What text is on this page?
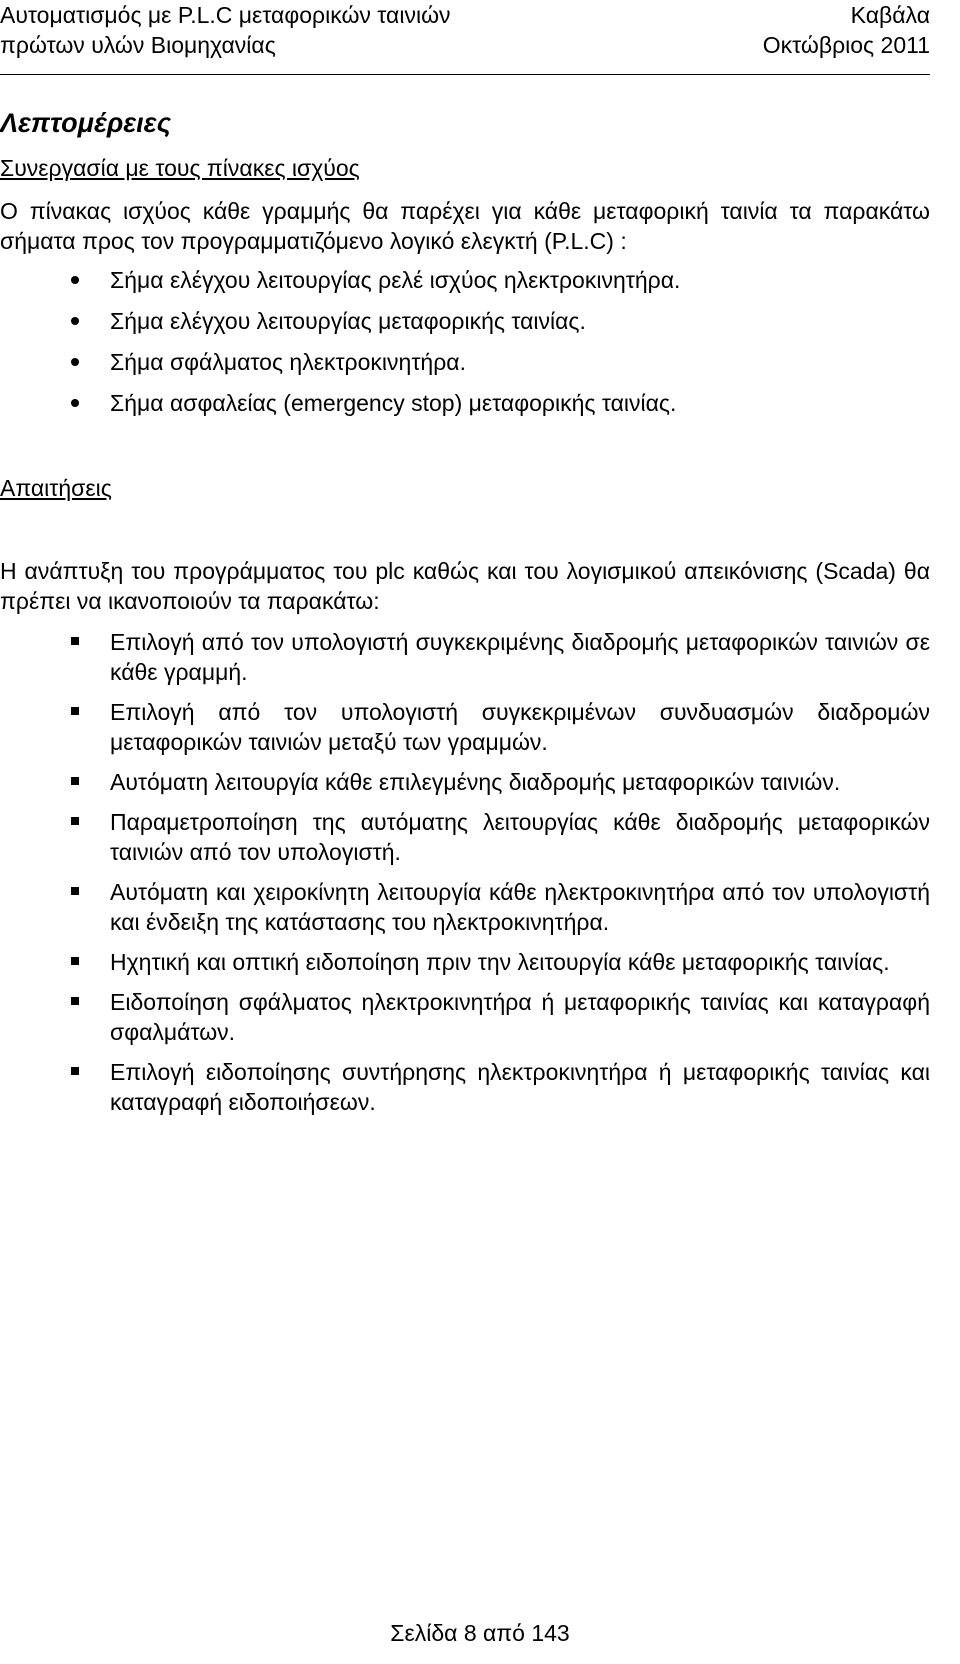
Αυτοματισμός με P.L.C μεταφορικών ταινιών	Καβάλα
πρώτων υλών Βιομηχανίας	Οκτώβριος 2011
Λεπτομέρειες
Συνεργασία με τους πίνακες ισχύος
Ο πίνακας ισχύος κάθε γραμμής θα παρέχει για κάθε μεταφορική ταινία τα παρακάτω σήματα προς τον προγραμματιζόμενο λογικό ελεγκτή (P.L.C) :
Σήμα ελέγχου λειτουργίας ρελέ ισχύος ηλεκτροκινητήρα.
Σήμα ελέγχου λειτουργίας μεταφορικής ταινίας.
Σήμα σφάλματος ηλεκτροκινητήρα.
Σήμα ασφαλείας (emergency stop) μεταφορικής ταινίας.
Απαιτήσεις
Η ανάπτυξη του προγράμματος του plc καθώς και του λογισμικού απεικόνισης (Scada) θα πρέπει να ικανοποιούν τα παρακάτω:
Επιλογή από τον υπολογιστή συγκεκριμένης διαδρομής μεταφορικών ταινιών σε κάθε γραμμή.
Επιλογή από τον υπολογιστή συγκεκριμένων συνδυασμών διαδρομών μεταφορικών ταινιών μεταξύ των γραμμών.
Αυτόματη λειτουργία κάθε επιλεγμένης διαδρομής μεταφορικών ταινιών.
Παραμετροποίηση της αυτόματης λειτουργίας κάθε διαδρομής μεταφορικών ταινιών από τον υπολογιστή.
Αυτόματη και χειροκίνητη λειτουργία κάθε ηλεκτροκινητήρα από τον υπολογιστή και ένδειξη της κατάστασης του ηλεκτροκινητήρα.
Ηχητική και οπτική ειδοποίηση πριν την λειτουργία κάθε μεταφορικής ταινίας.
Ειδοποίηση σφάλματος ηλεκτροκινητήρα ή μεταφορικής ταινίας και καταγραφή σφαλμάτων.
Επιλογή ειδοποίησης συντήρησης ηλεκτροκινητήρα ή μεταφορικής ταινίας και καταγραφή ειδοποιήσεων.
Σελίδα 8 από 143
